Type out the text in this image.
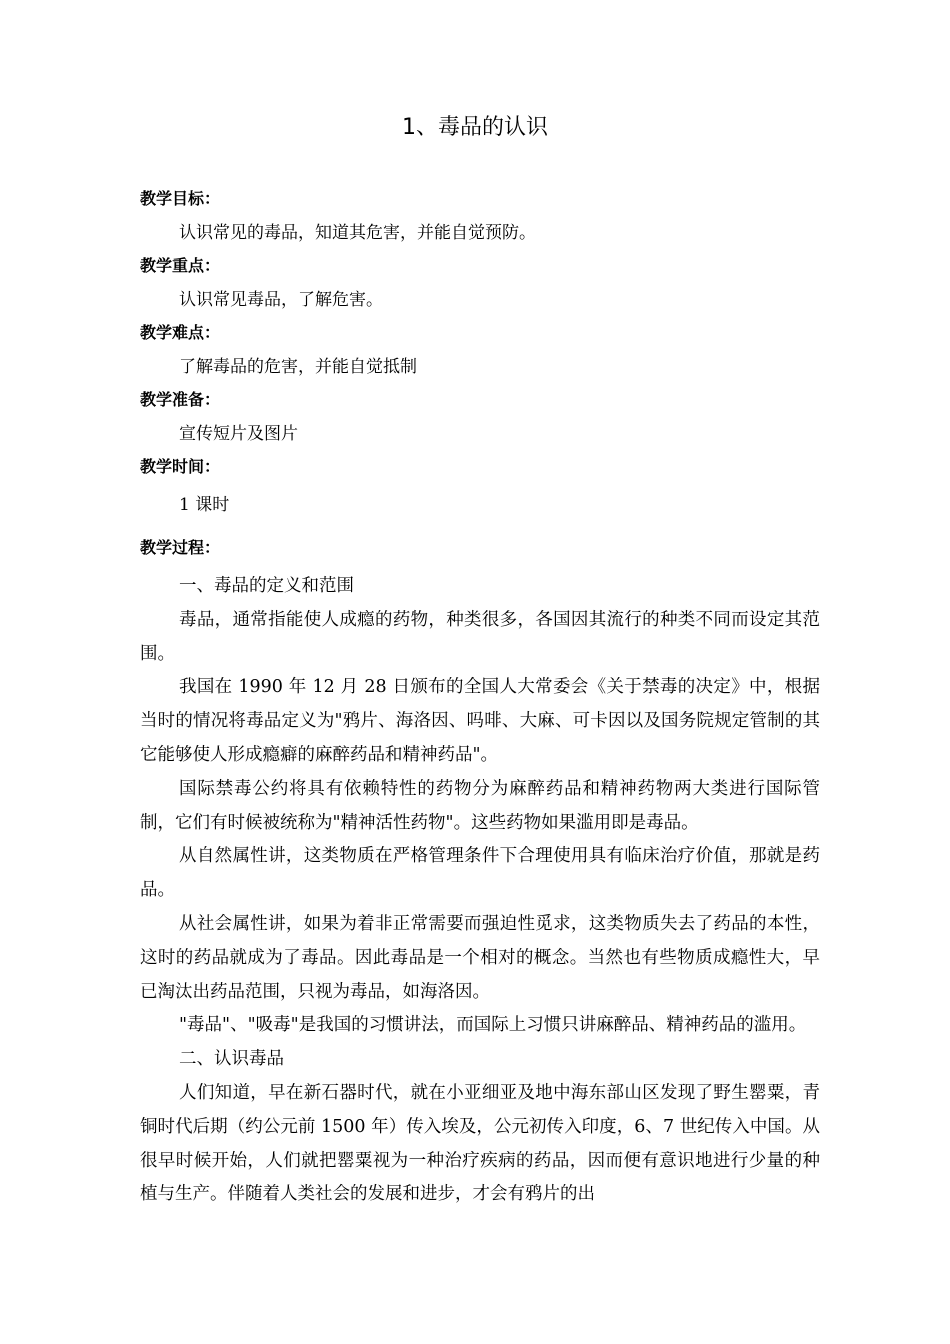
1、毒品的认识
教学目标：
认识常见的毒品，知道其危害，并能自觉预防。
教学重点：
认识常见毒品，了解危害。
教学难点：
了解毒品的危害，并能自觉抵制
教学准备：
宣传短片及图片
教学时间：
1 课时
教学过程：

一、毒品的定义和范围

毒品，通常指能使人成瘾的药物，种类很多，各国因其流行的种类不同而设定其范围。

我国在 1990 年 12 月 28 日颁布的全国人大常委会《关于禁毒的决定》中，根据当时的情况将毒品定义为"鸦片、海洛因、吗啡、大麻、可卡因以及国务院规定管制的其它能够使人形成瘾癖的麻醉药品和精神药品"。

国际禁毒公约将具有依赖特性的药物分为麻醉药品和精神药物两大类进行国际管制，它们有时候被统称为"精神活性药物"。这些药物如果滥用即是毒品。

从自然属性讲，这类物质在严格管理条件下合理使用具有临床治疗价值，那就是药品。

从社会属性讲，如果为着非正常需要而强迫性觅求，这类物质失去了药品的本性，这时的药品就成为了毒品。因此毒品是一个相对的概念。当然也有些物质成瘾性大，早已淘汰出药品范围，只视为毒品，如海洛因。

"毒品"、"吸毒"是我国的习惯讲法，而国际上习惯只讲麻醉品、精神药品的滥用。

二、认识毒品

人们知道，早在新石器时代，就在小亚细亚及地中海东部山区发现了野生罂粟，青铜时代后期（约公元前 1500 年）传入埃及，公元初传入印度，6、7 世纪传入中国。从很早时候开始，人们就把罂粟视为一种治疗疾病的药品，因而便有意识地进行少量的种植与生产。伴随着人类社会的发展和进步，才会有鸦片的出
